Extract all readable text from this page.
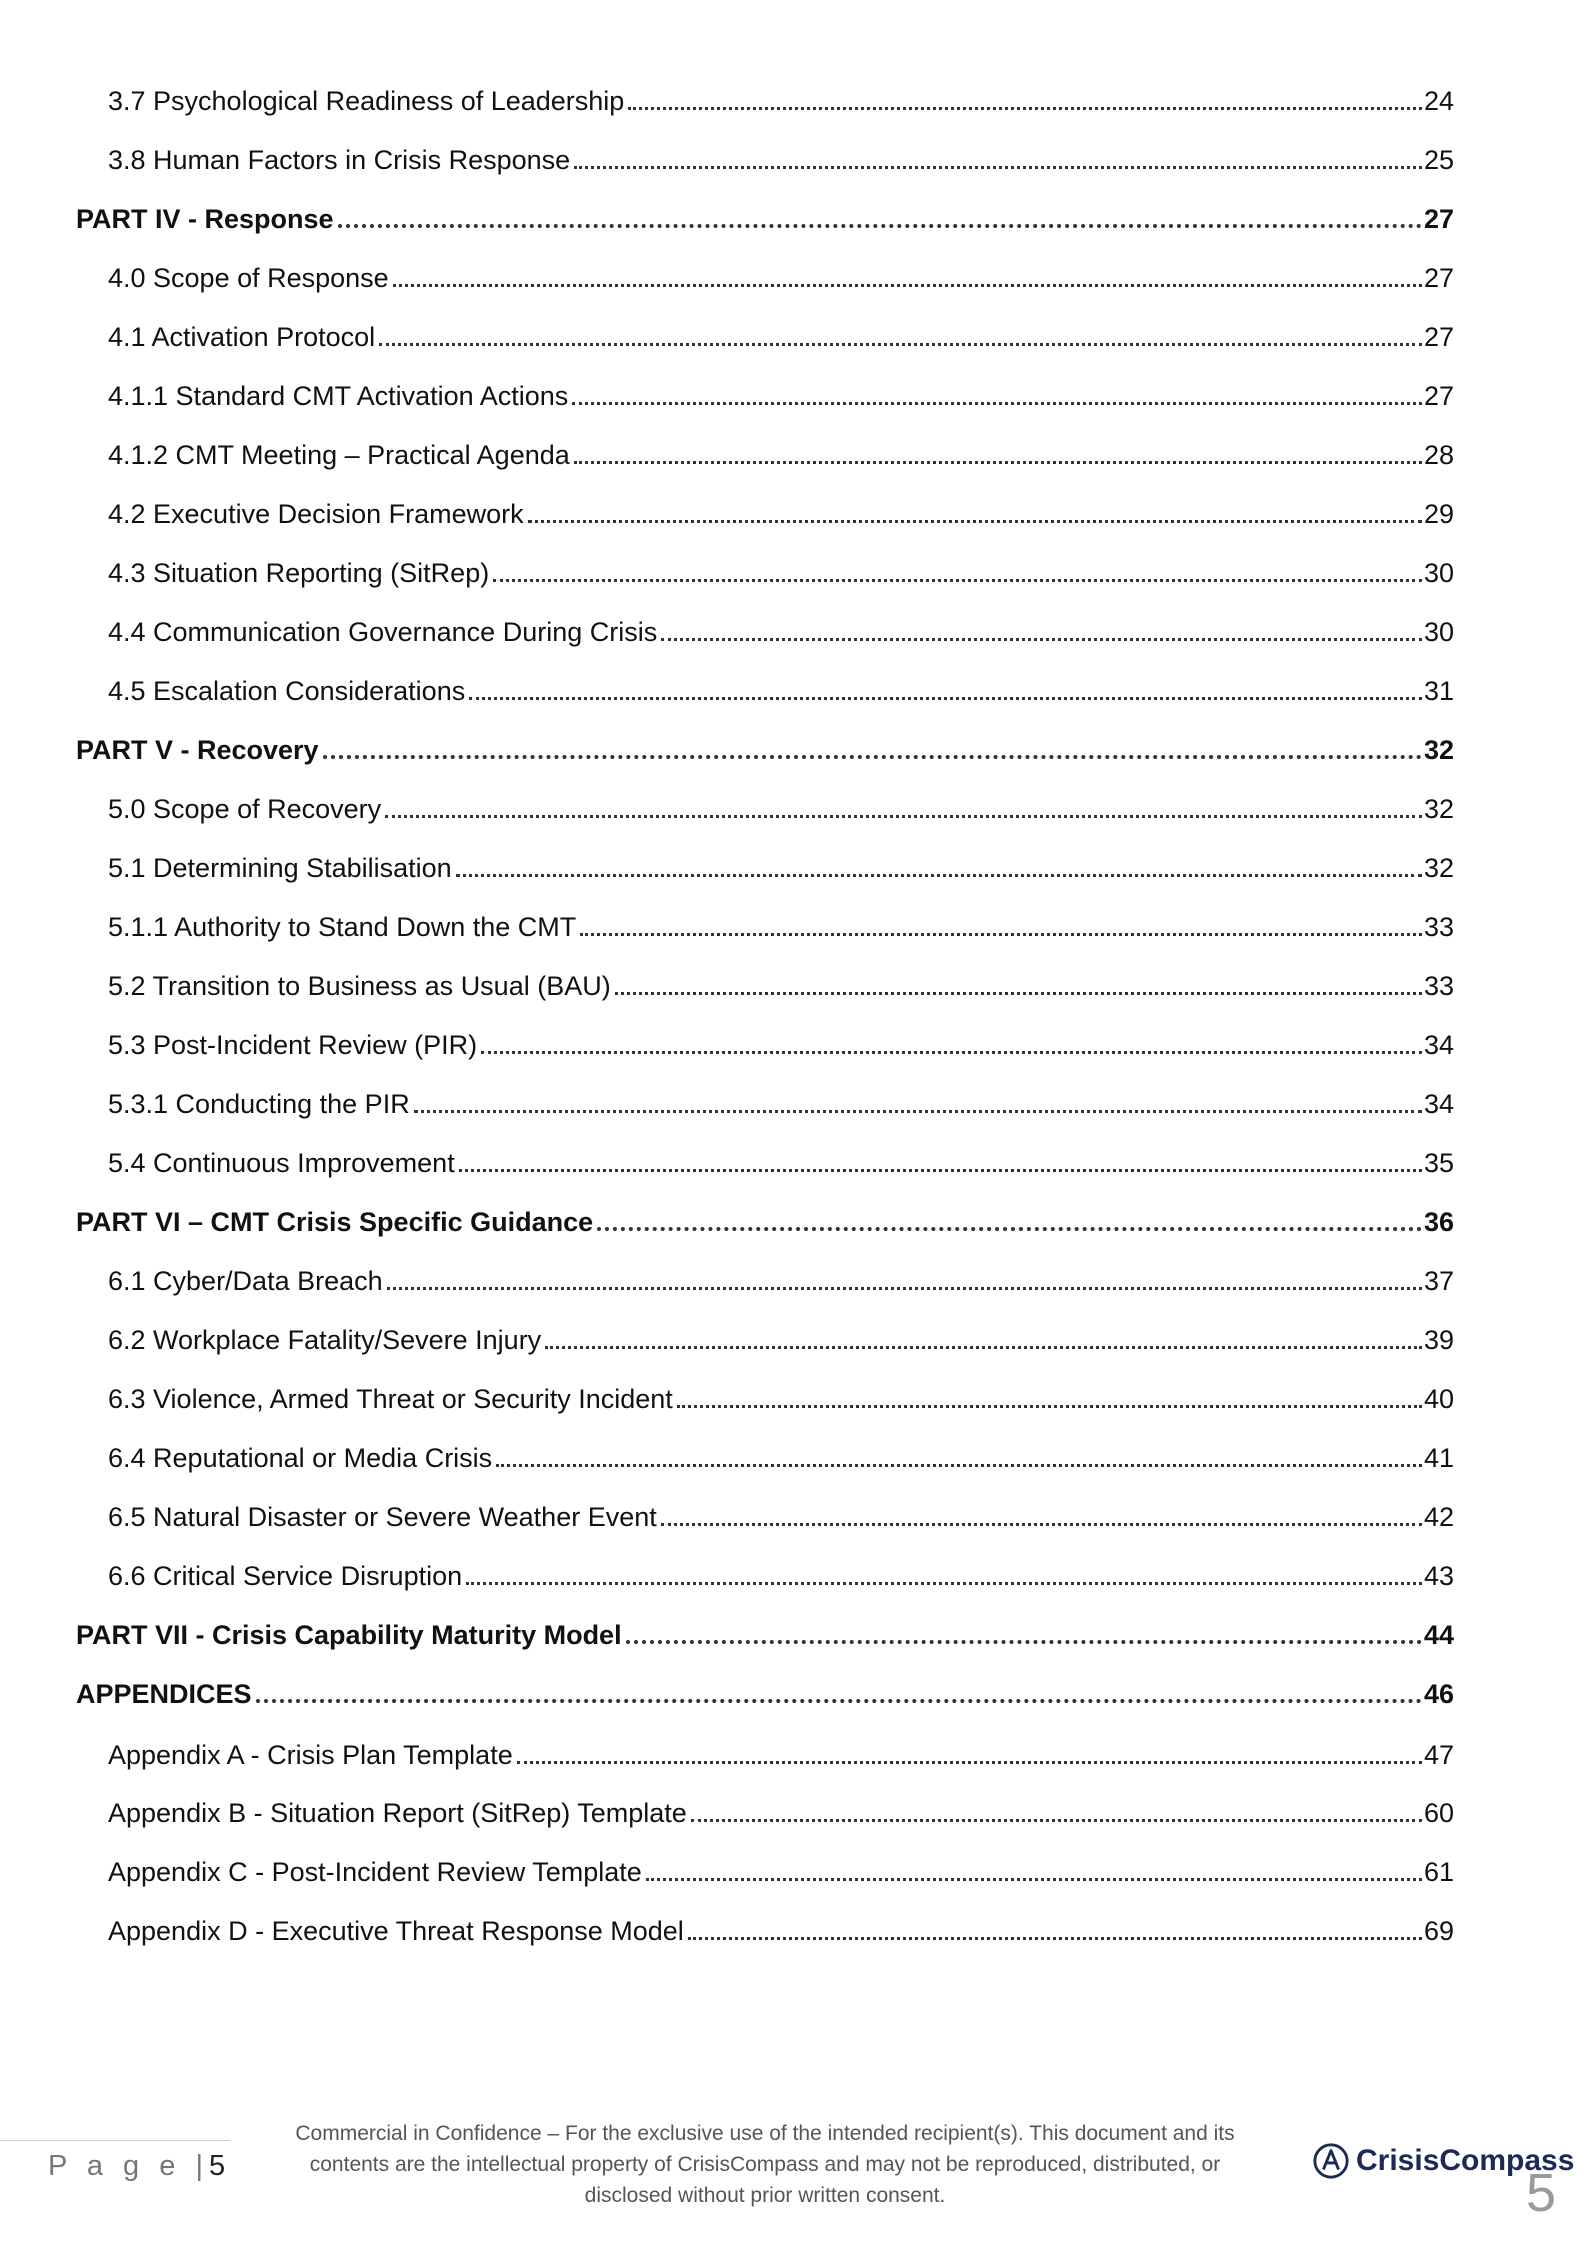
3.7 Psychological Readiness of Leadership	24
3.8 Human Factors in Crisis Response	25
PART IV - Response	27
4.0 Scope of Response	27
4.1 Activation Protocol	27
4.1.1 Standard CMT Activation Actions	27
4.1.2 CMT Meeting – Practical Agenda	28
4.2 Executive Decision Framework	29
4.3 Situation Reporting (SitRep)	30
4.4 Communication Governance During Crisis	30
4.5 Escalation Considerations	31
PART V - Recovery	32
5.0 Scope of Recovery	32
5.1 Determining Stabilisation	32
5.1.1 Authority to Stand Down the CMT	33
5.2 Transition to Business as Usual (BAU)	33
5.3 Post-Incident Review (PIR)	34
5.3.1 Conducting the PIR	34
5.4 Continuous Improvement	35
PART VI – CMT Crisis Specific Guidance	36
6.1 Cyber/Data Breach	37
6.2 Workplace Fatality/Severe Injury	39
6.3 Violence, Armed Threat or Security Incident	40
6.4 Reputational or Media Crisis	41
6.5 Natural Disaster or Severe Weather Event	42
6.6 Critical Service Disruption	43
PART VII - Crisis Capability Maturity Model	44
APPENDICES	46
Appendix A - Crisis Plan Template	47
Appendix B - Situation Report (SitRep) Template	60
Appendix C - Post-Incident Review Template	61
Appendix D - Executive Threat Response Model	69
P a g e |5
Commercial in Confidence – For the exclusive use of the intended recipient(s). This document and its
contents are the intellectual property of CrisisCompass and may not be reproduced, distributed, or
disclosed without prior written consent.
CrisisCompass
5
